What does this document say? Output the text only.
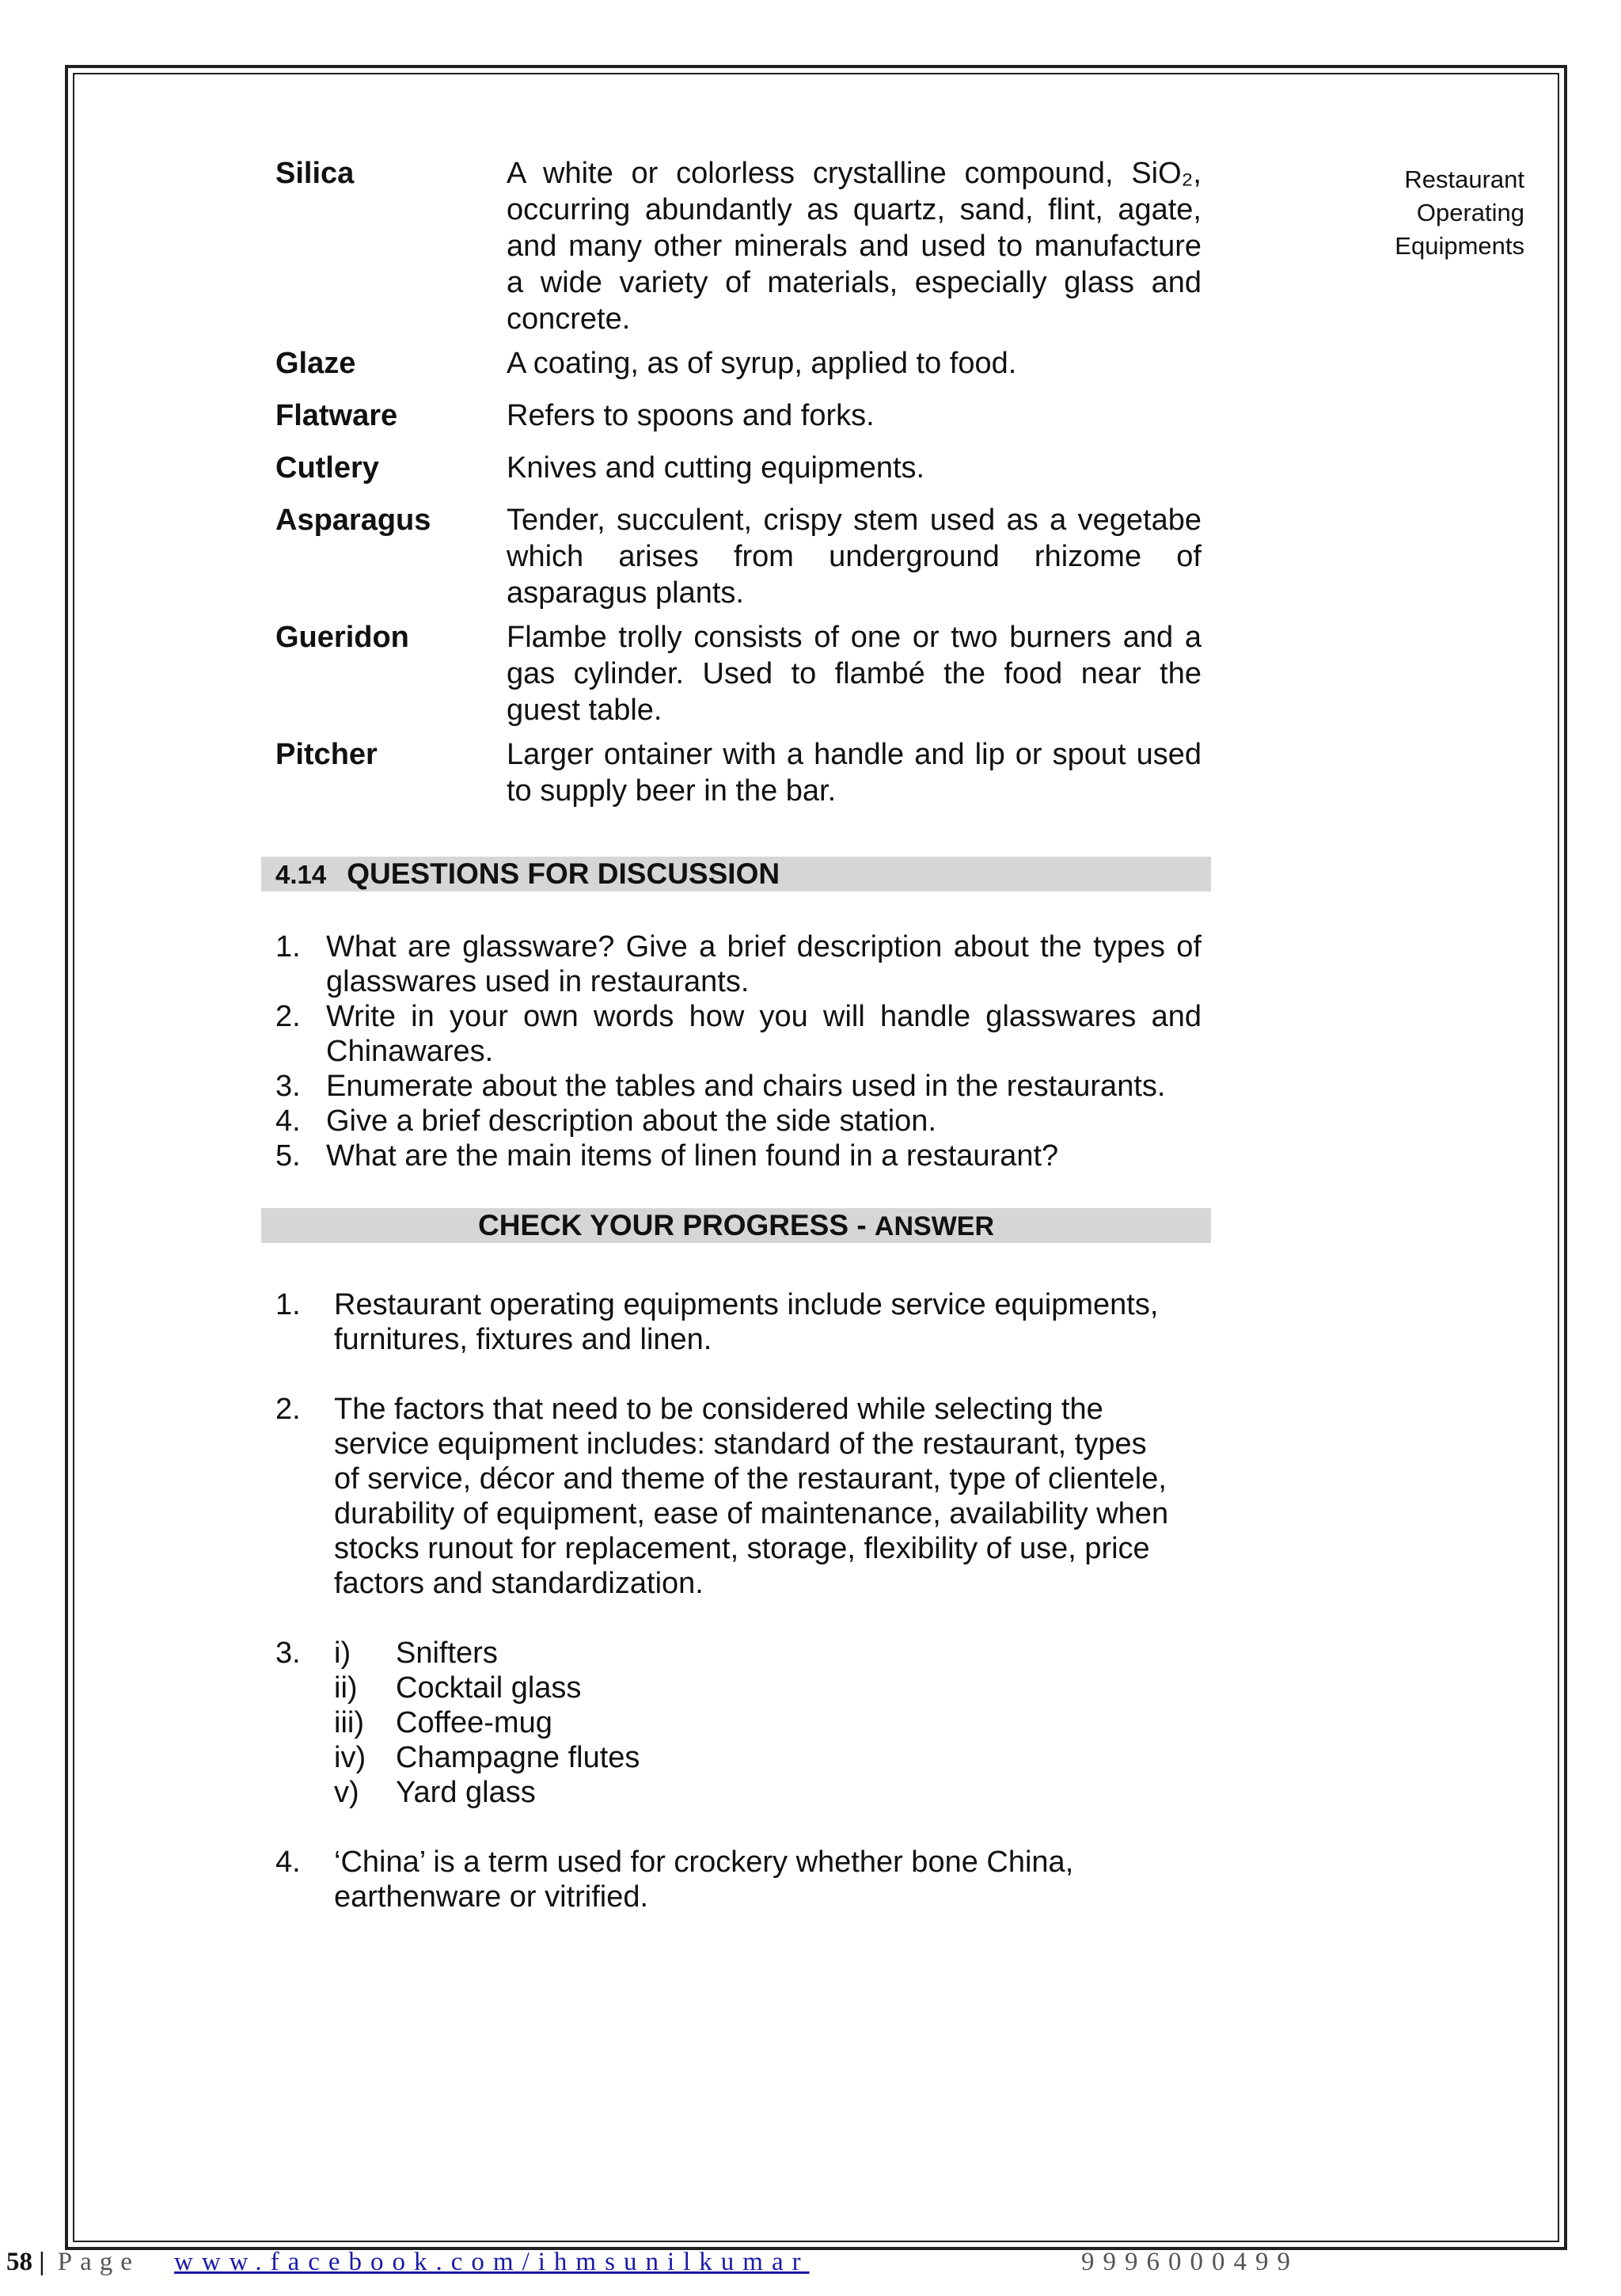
Restaurant
Operating
Equipments
Silica	A white or colorless crystalline compound, SiO₂, occurring abundantly as quartz, sand, flint, agate, and many other minerals and used to manufacture a wide variety of materials, especially glass and concrete.
Glaze	A coating, as of syrup, applied to food.
Flatware	Refers to spoons and forks.
Cutlery	Knives and cutting equipments.
Asparagus	Tender, succulent, crispy stem used as a vegetabe which arises from underground rhizome of asparagus plants.
Gueridon	Flambe trolly consists of one or two burners and a gas cylinder. Used to flambé the food near the guest table.
Pitcher	Larger ontainer with a handle and lip or spout used to supply beer in the bar.
4.14 QUESTIONS FOR DISCUSSION
1. What are glassware? Give a brief description about the types of glasswares used in restaurants.
2. Write in your own words how you will handle glasswares and Chinawares.
3. Enumerate about the tables and chairs used in the restaurants.
4. Give a brief description about the side station.
5. What are the main items of linen found in a restaurant?
CHECK YOUR PROGRESS - ANSWER
1. Restaurant operating equipments include service equipments, furnitures, fixtures and linen.
2. The factors that need to be considered while selecting the service equipment includes: standard of the restaurant, types of service, décor and theme of the restaurant, type of clientele, durability of equipment, ease of maintenance, availability when stocks runout for replacement, storage, flexibility of use, price factors and standardization.
3. i) Snifters
ii) Cocktail glass
iii) Coffee-mug
iv) Champagne flutes
v) Yard glass
4. ‘China’ is a term used for crockery whether bone China, earthenware or vitrified.
58 | Page www.facebook.com/ihmsunilkumar	9996000499
